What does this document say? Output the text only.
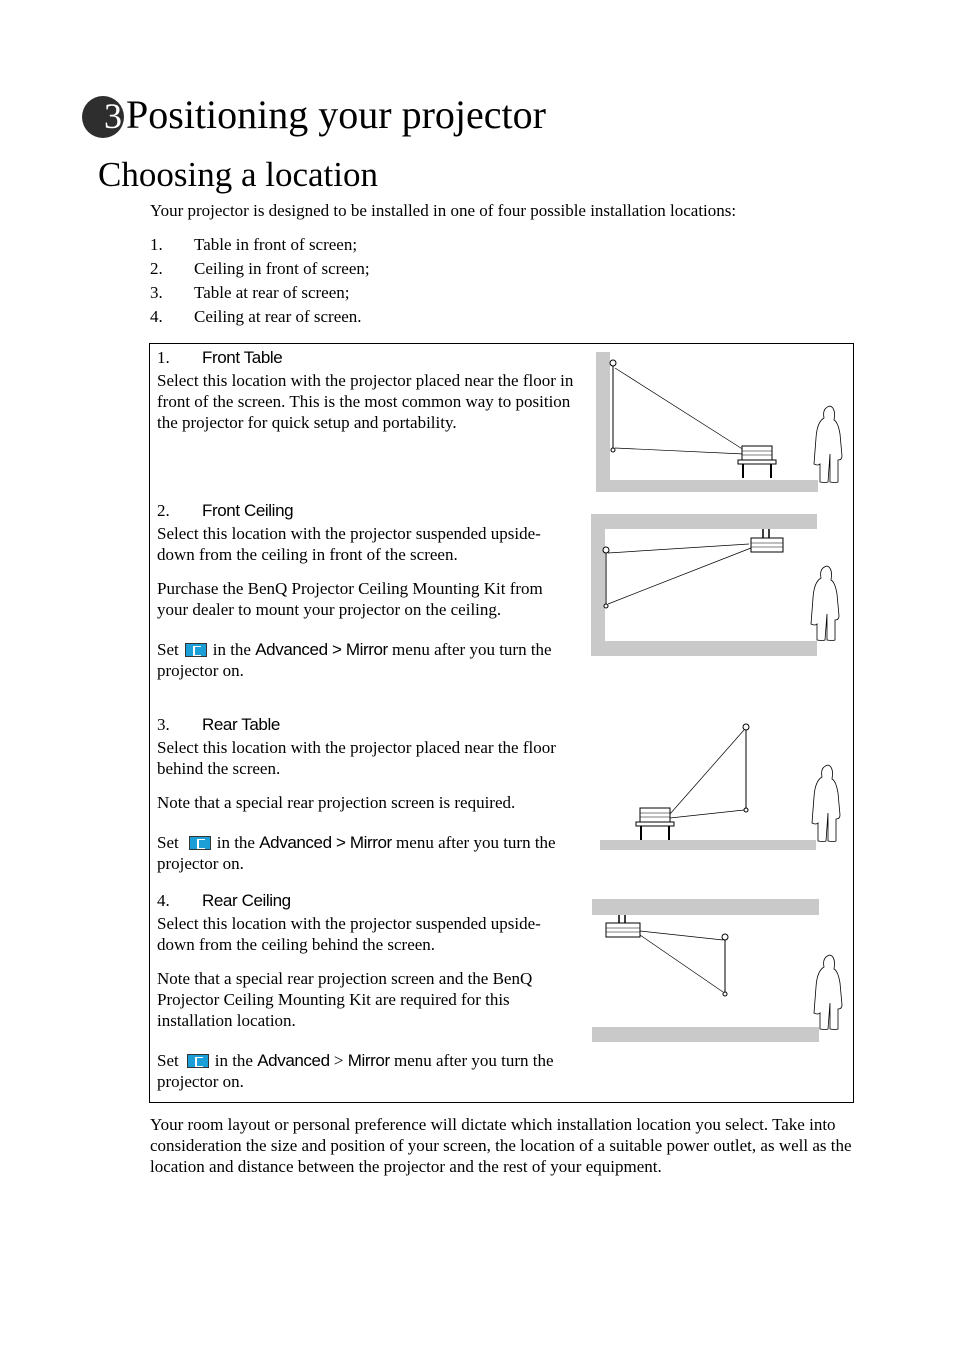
3 Positioning your projector
Choosing a location
Your projector is designed to be installed in one of four possible installation locations:
1. Table in front of screen;
2. Ceiling in front of screen;
3. Table at rear of screen;
4. Ceiling at rear of screen.
1. Front Table

Select this location with the projector placed near the floor in front of the screen. This is the most common way to position the projector for quick setup and portability.

2. Front Ceiling

Select this location with the projector suspended upside-down from the ceiling in front of the screen.

Purchase the BenQ Projector Ceiling Mounting Kit from your dealer to mount your projector on the ceiling.

Set in the Advanced > Mirror menu after you turn the projector on.

3. Rear Table

Select this location with the projector placed near the floor behind the screen.

Note that a special rear projection screen is required.

Set in the Advanced > Mirror menu after you turn the projector on.

4. Rear Ceiling

Select this location with the projector suspended upside-down from the ceiling behind the screen.

Note that a special rear projection screen and the BenQ Projector Ceiling Mounting Kit are required for this installation location.

Set in the Advanced > Mirror menu after you turn the projector on.

Your room layout or personal preference will dictate which installation location you select. Take into consideration the size and position of your screen, the location of a suitable power outlet, as well as the location and distance between the projector and the rest of your equipment.
